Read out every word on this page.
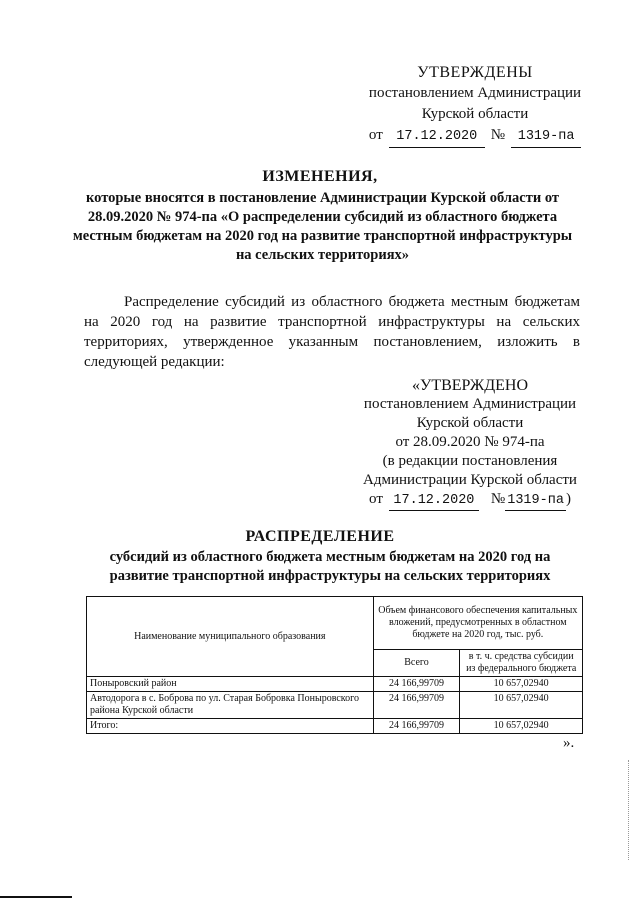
УТВЕРЖДЕНЫ
постановлением Администрации
Курской области
от 17.12.2020 № 1319-па
ИЗМЕНЕНИЯ,
которые вносятся в постановление Администрации Курской области от 28.09.2020 № 974-па «О распределении субсидий из областного бюджета местным бюджетам на 2020 год на развитие транспортной инфраструктуры на сельских территориях»
Распределение субсидий из областного бюджета местным бюджетам на 2020 год на развитие транспортной инфраструктуры на сельских территориях, утвержденное указанным постановлением, изложить в следующей редакции:
«УТВЕРЖДЕНО
постановлением Администрации
Курской области
от 28.09.2020 № 974-па
(в редакции постановления
Администрации Курской области
от 17.12.2020	№ 1319-па )
РАСПРЕДЕЛЕНИЕ
субсидий из областного бюджета местным бюджетам на 2020 год на развитие транспортной инфраструктуры на сельских территориях
Наименование муниципального образования	Объем финансового обеспечения капитальных вложений, предусмотренных в областном бюджете на 2020 год, тыс. руб.	
	Всего	в т. ч. средства субсидии из федерального бюджета
Поныровский район	24 166,99709	10 657,02940
Автодорога в с. Боброва по ул. Старая Бобровка Поныровского района Курской области	24 166,99709	10 657,02940
Итого:	24 166,99709	10 657,02940
».
